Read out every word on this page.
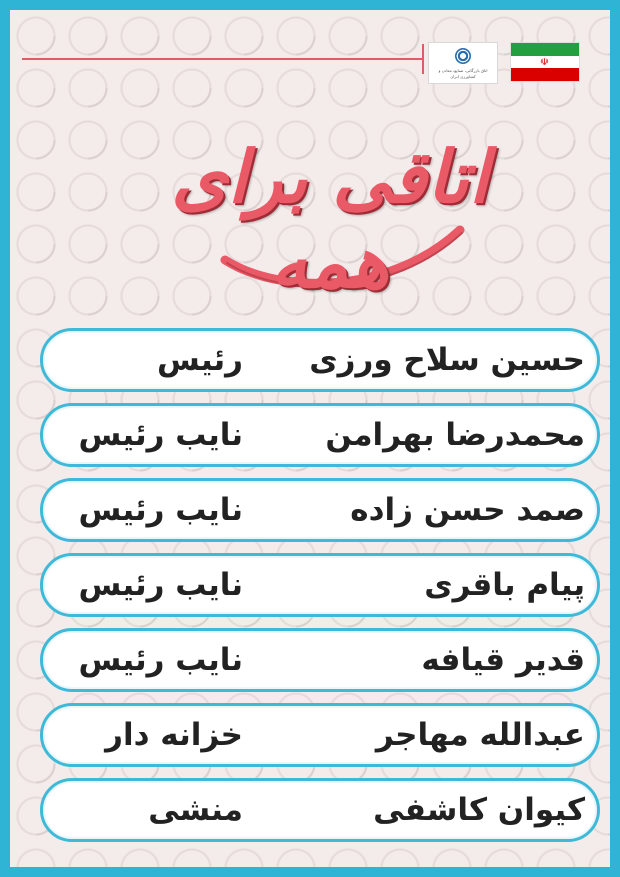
اتاق بازرگانی، صنایع، معادن و کشاورزی ایران
☫
اتاقی برای همه
حسین سلاح ورزی
رئیس
محمدرضا بهرامن
نایب رئیس
صمد حسن زاده
نایب رئیس
پیام باقری
نایب رئیس
قدیر قیافه
نایب رئیس
عبدالله مهاجر
خزانه دار
کیوان کاشفی
منشی
